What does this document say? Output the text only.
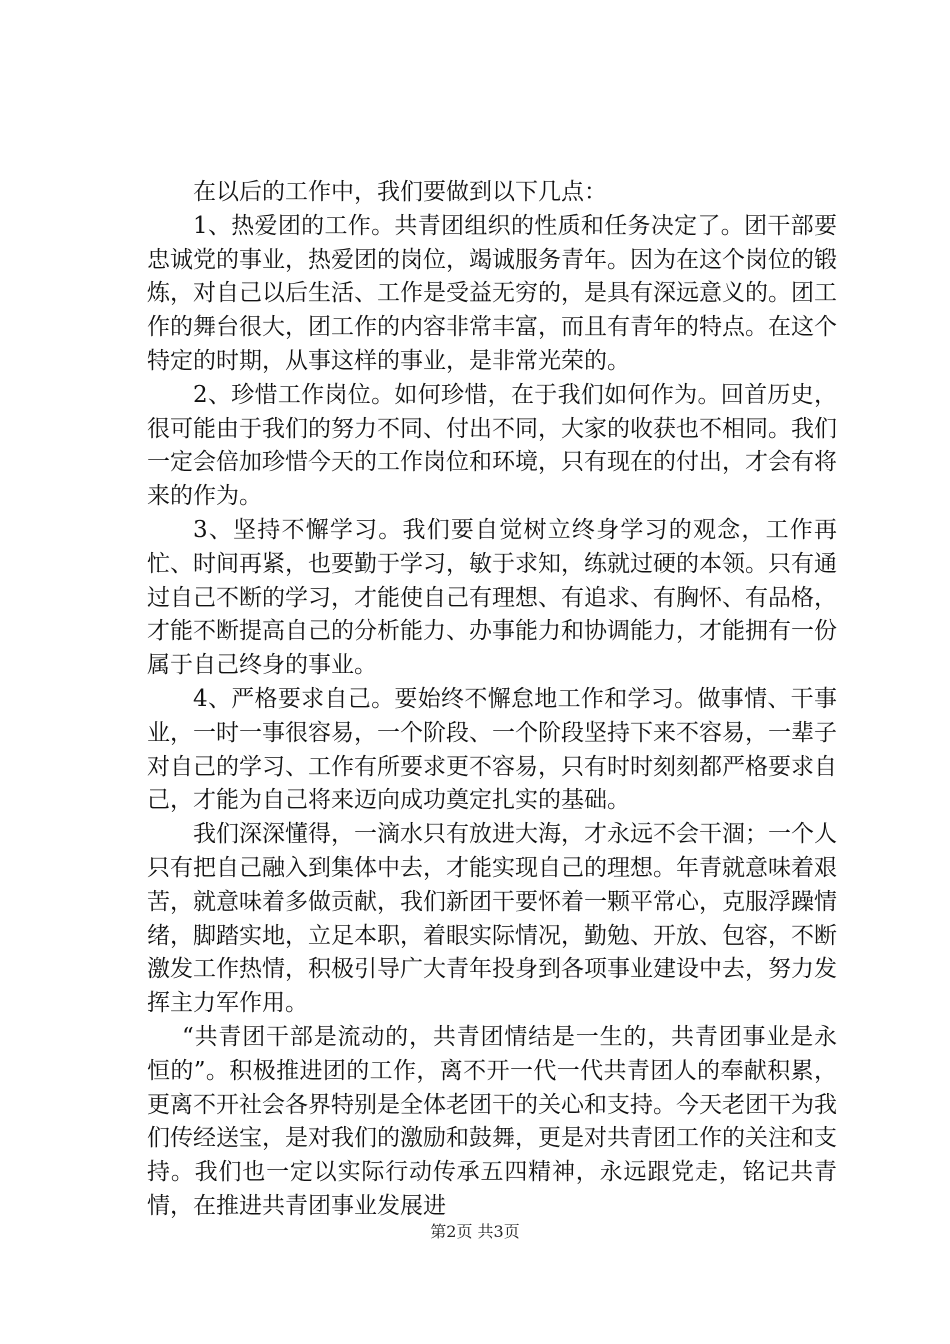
在以后的工作中，我们要做到以下几点：

1、热爱团的工作。共青团组织的性质和任务决定了。团干部要忠诚党的事业，热爱团的岗位，竭诚服务青年。因为在这个岗位的锻炼，对自己以后生活、工作是受益无穷的，是具有深远意义的。团工作的舞台很大，团工作的内容非常丰富，而且有青年的特点。在这个特定的时期，从事这样的事业，是非常光荣的。

2、珍惜工作岗位。如何珍惜，在于我们如何作为。回首历史，很可能由于我们的努力不同、付出不同，大家的收获也不相同。我们一定会倍加珍惜今天的工作岗位和环境，只有现在的付出，才会有将来的作为。

3、坚持不懈学习。我们要自觉树立终身学习的观念，工作再忙、时间再紧，也要勤于学习，敏于求知，练就过硬的本领。只有通过自己不断的学习，才能使自己有理想、有追求、有胸怀、有品格，才能不断提高自己的分析能力、办事能力和协调能力，才能拥有一份属于自己终身的事业。

4、严格要求自己。要始终不懈怠地工作和学习。做事情、干事业，一时一事很容易，一个阶段、一个阶段坚持下来不容易，一辈子对自己的学习、工作有所要求更不容易，只有时时刻刻都严格要求自己，才能为自己将来迈向成功奠定扎实的基础。

我们深深懂得，一滴水只有放进大海，才永远不会干涸；一个人只有把自己融入到集体中去，才能实现自己的理想。年青就意味着艰苦，就意味着多做贡献，我们新团干要怀着一颗平常心，克服浮躁情绪，脚踏实地，立足本职，着眼实际情况，勤勉、开放、包容，不断激发工作热情，积极引导广大青年投身到各项事业建设中去，努力发挥主力军作用。

“共青团干部是流动的，共青团情结是一生的，共青团事业是永恒的”。积极推进团的工作，离不开一代一代共青团人的奉献积累，更离不开社会各界特别是全体老团干的关心和支持。今天老团干为我们传经送宝，是对我们的激励和鼓舞，更是对共青团工作的关注和支持。我们也一定以实际行动传承五四精神，永远跟党走，铭记共青情，在推进共青团事业发展进

第2页 共3页
